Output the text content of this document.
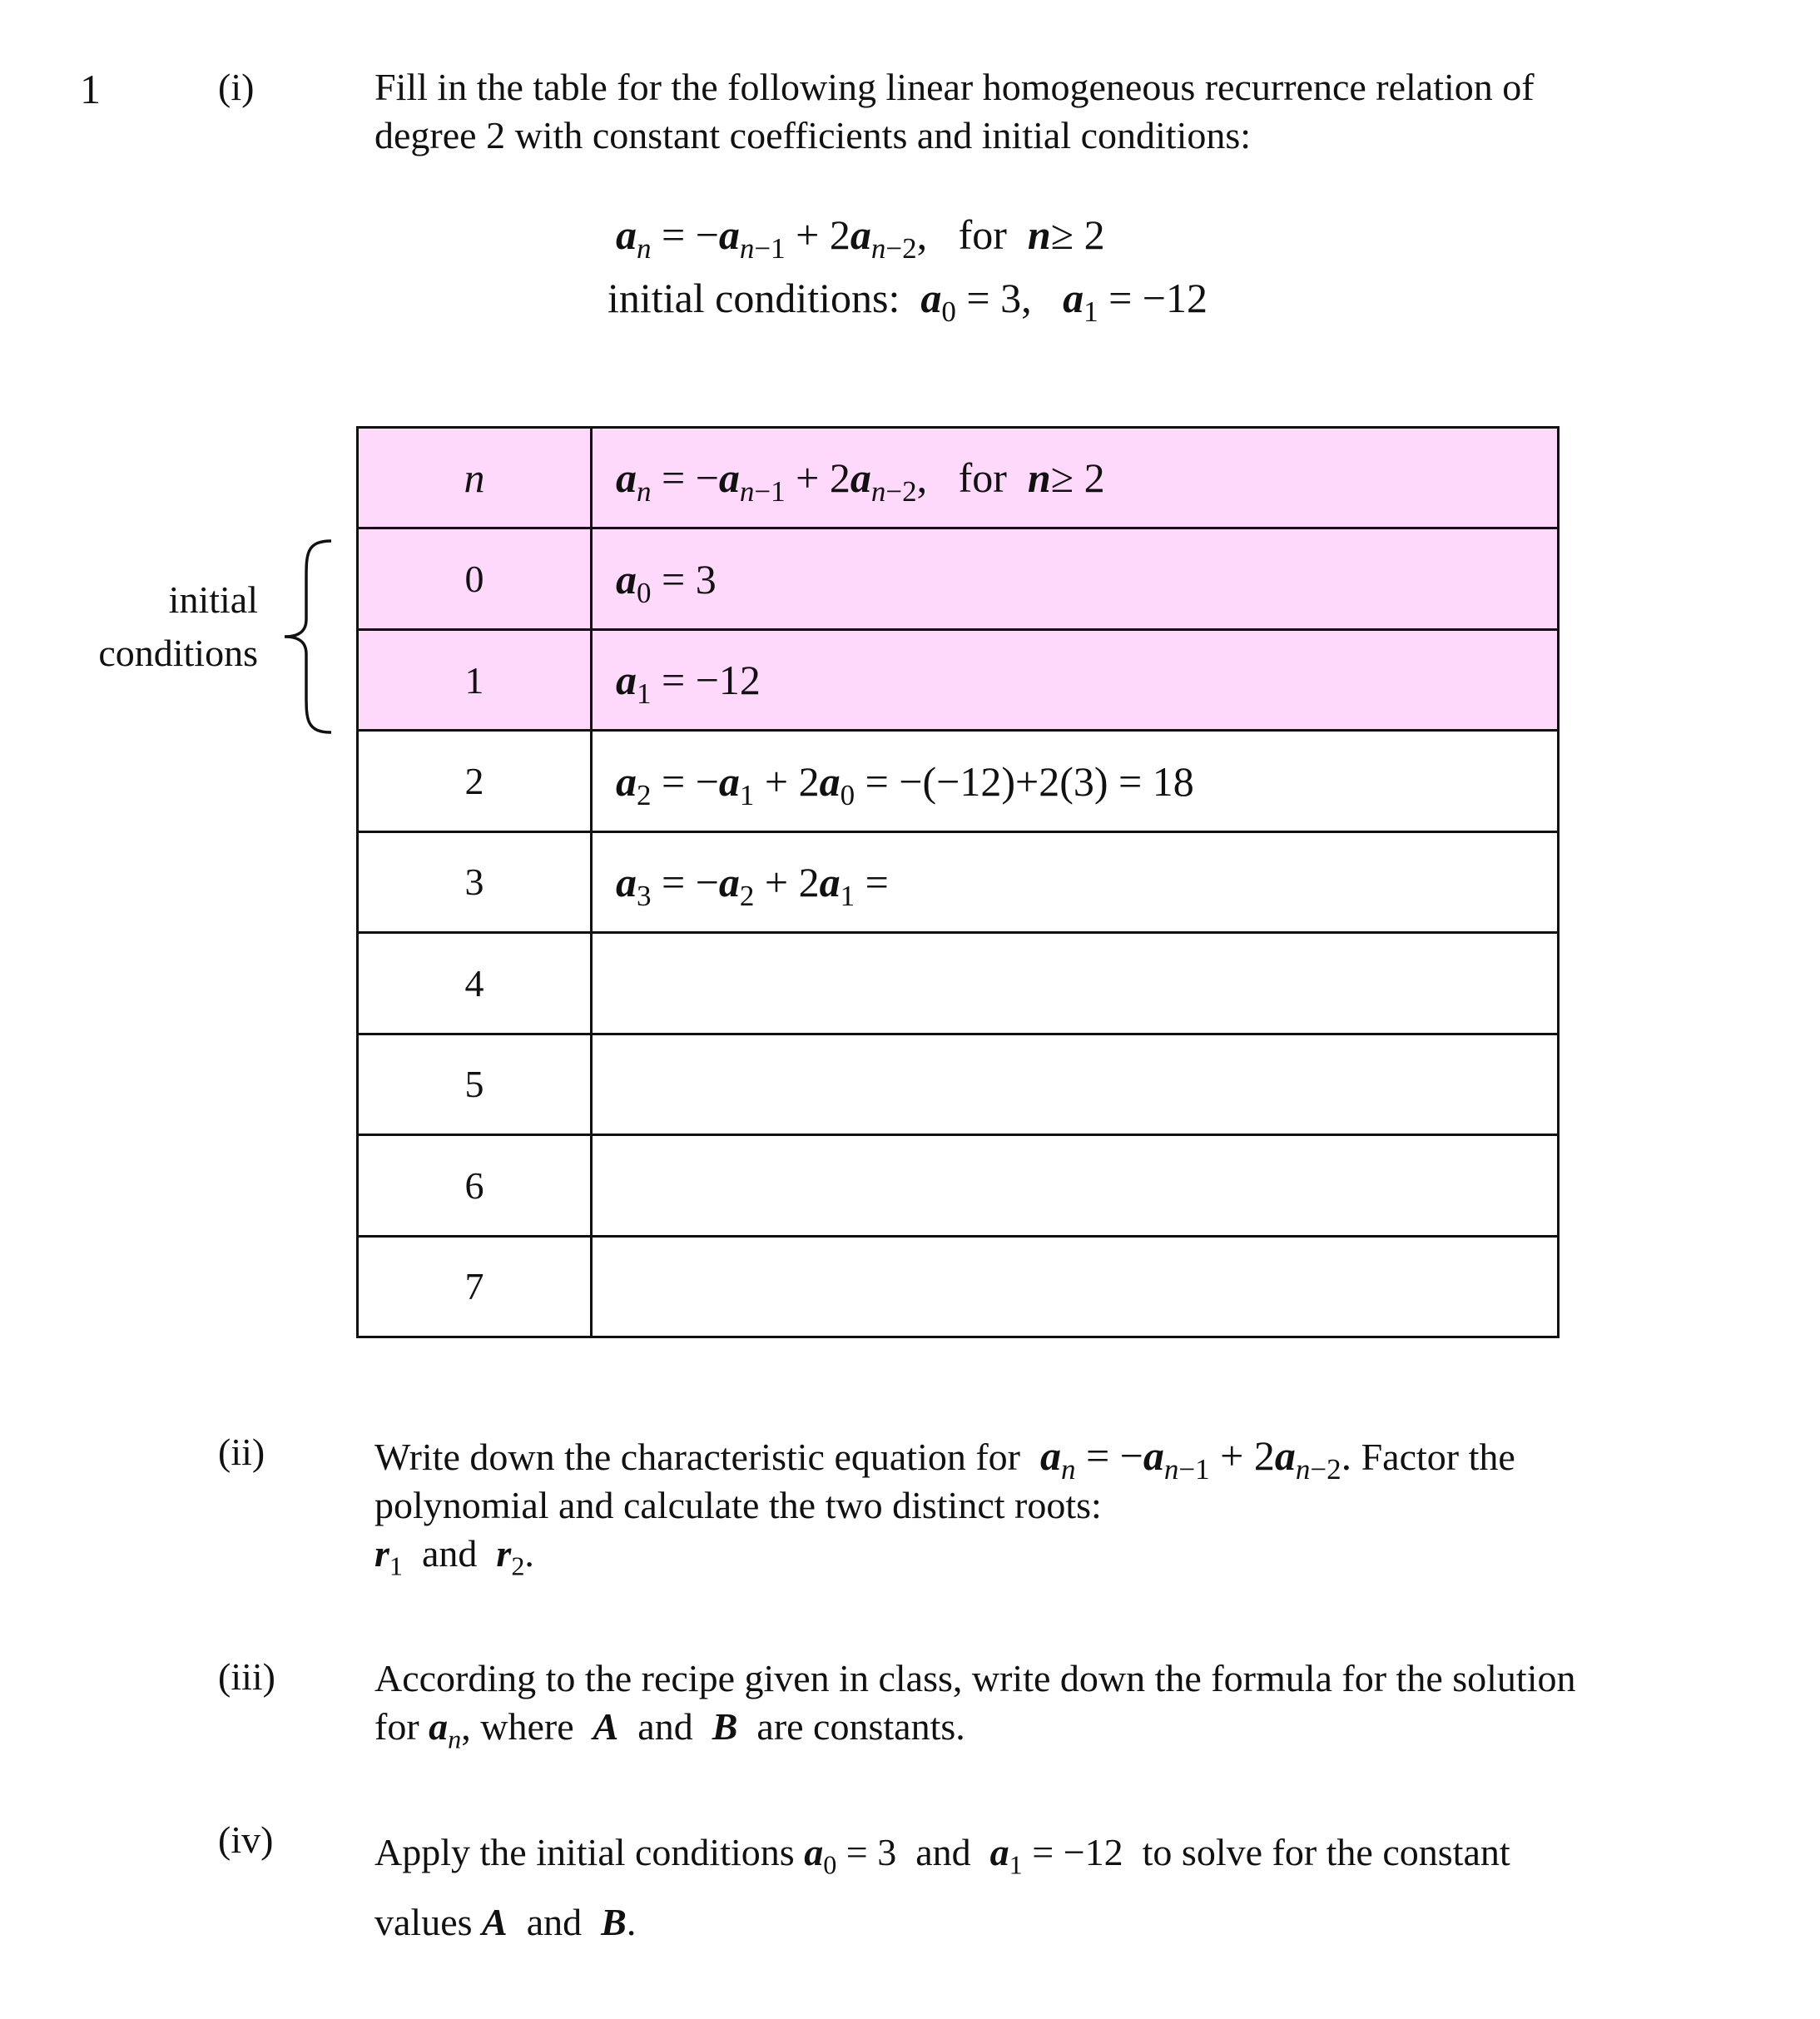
1	(i)
(ii)
(iii)
(iv)
Fill in the table for the following linear homogeneous recurrence relation of
degree 2 with constant coefficients and initial conditions:
$a_n = -a_{n-1} + 2a_{n-2}$,   for n≥ 2
initial conditions: $a_0 = 3$,   $a_1 = -12$
initial
conditions
n	$a_n = -a_{n-1} + 2a_{n-2}$,   for n≥ 2
0	$a_0 = 3$
1	$a_1 = -12$
2	$a_2 = -a_1 + 2a_0 = -(-12)+2(3) = 18$
3	$a_3 = -a_2 + 2a_1$ =
4	
5	
6	
7	
Write down the characteristic equation for $a_n = -a_{n-1} + 2a_{n-2}$. Factor the
polynomial and calculate the two distinct roots:
$r_1$ and $r_2$.
According to the recipe given in class, write down the formula for the solution
for $a_n$, where A and B are constants.
Apply the initial conditions $a_0 = 3$  and $a_1 = -12$  to solve for the constant
values A and B.
